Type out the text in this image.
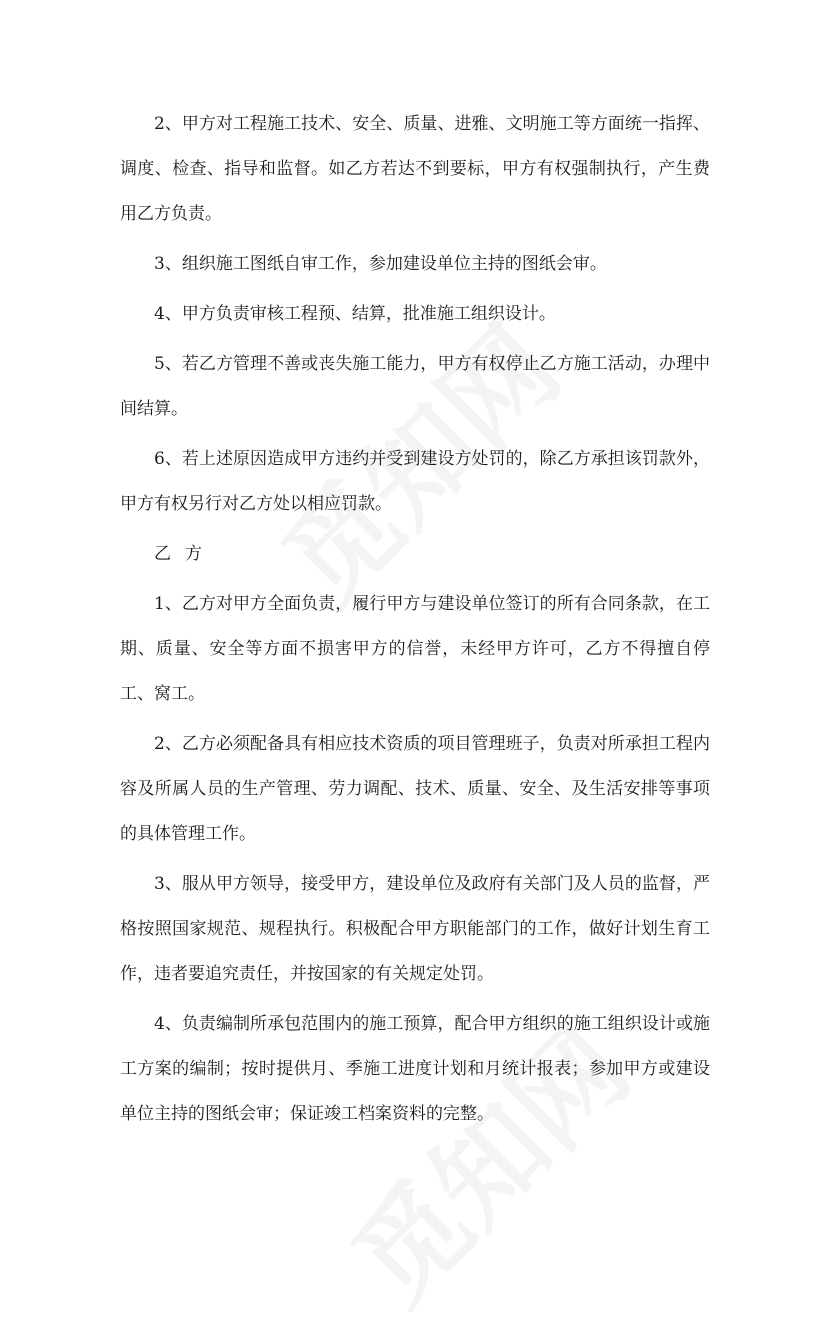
2、甲方对工程施工技术、安全、质量、进雅、文明施工等方面统一指挥、调度、检查、指导和监督。如乙方若达不到要标，甲方有权强制执行，产生费用乙方负责。

3、组织施工图纸自审工作，参加建设单位主持的图纸会审。

4、甲方负责审核工程预、结算，批准施工组织设计。

5、若乙方管理不善或丧失施工能力，甲方有权停止乙方施工活动，办理中间结算。

6、若上述原因造成甲方违约并受到建设方处罚的，除乙方承担该罚款外，甲方有权另行对乙方处以相应罚款。

乙方

1、乙方对甲方全面负责，履行甲方与建设单位签订的所有合同条款，在工期、质量、安全等方面不损害甲方的信誉，未经甲方许可，乙方不得擅自停工、窝工。

2、乙方必须配备具有相应技术资质的项目管理班子，负责对所承担工程内容及所属人员的生产管理、劳力调配、技术、质量、安全、及生活安排等事项的具体管理工作。

3、服从甲方领导，接受甲方，建设单位及政府有关部门及人员的监督，严格按照国家规范、规程执行。积极配合甲方职能部门的工作，做好计划生育工作，违者要追究责任，并按国家的有关规定处罚。

4、负责编制所承包范围内的施工预算，配合甲方组织的施工组织设计或施工方案的编制；按时提供月、季施工进度计划和月统计报表；参加甲方或建设单位主持的图纸会审；保证竣工档案资料的完整。
